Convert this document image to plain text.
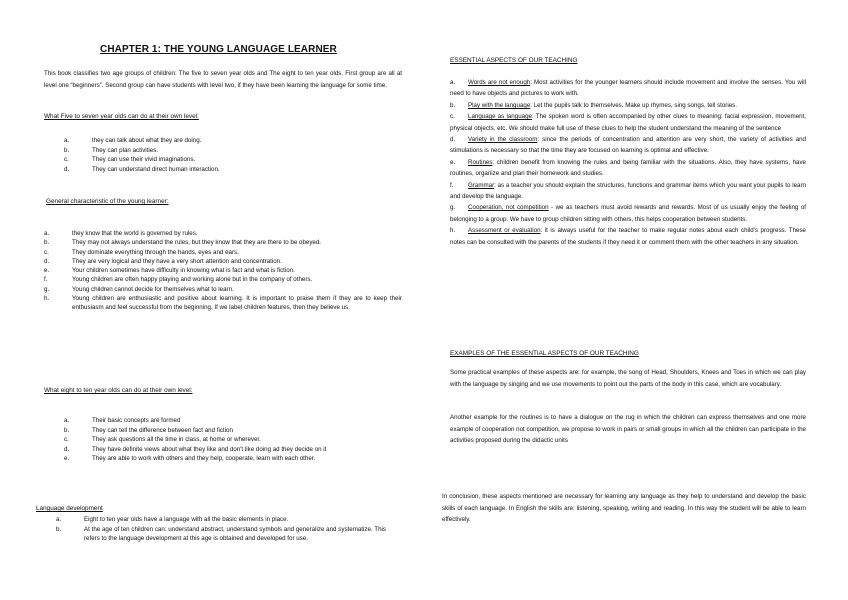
CHAPTER 1: THE YOUNG LANGUAGE LEARNER
This book classifies two age groups of children: The five to seven year olds and The eight to ten year olds. First group are all at level one “beginners”. Second group can have students with level two, if they have been learning the language for some time.
What Five to seven year olds can do at their own level:
a.	they can talk about what they are doing.
b.	They can plan activities.
c.	They can use their vivid imaginations.
d.	They can understand direct human interaction.
General characteristic of the young learner:
a.	they know that the world is governed by rules.
b.	They may not always understand the rules, but they know that they are there to be obeyed.
c.	They dominate everything through the hands, eyes and ears.
d.	They are very logical and they have a very short attention and concentration.
e.	Your children sometimes have difficulty in knowing what is fact and what is fiction.
f.	Young children are often happy playing and working alone but in the company of others.
g.	Young children cannot decide for themselves what to learn.
h.	Young children are enthusiastic and positive about learning. It is important to praise them if they are to keep their enthusiasm and feel successful from the beginning. If we label children features, then they believe us.
What eight to ten year olds can do at their own level:
a.	Their basic concepts are formed
b.	They can tell the difference between fact and fiction
c.	They ask questions all the time in class, at home or wherever.
d.	They have definite views about what they like and don't like doing ad they decide on it
e.	They are able to work with others and they help, cooperate, learn with each other.
Language development
a.	Eight to ten year olds have a language with all the basic elements in place.
b.	At the age of ten children can: understand abstract, understand symbols and generalize and systematize. This refers to the language development at this age is obtained and developed for use.
ESSENTIAL ASPECTS OF OUR TEACHING
a. Words are not enough: Most activities for the younger learners should include movement and involve the senses. You will need to have objects and pictures to work with.
b. Play with the language: Let the pupils talk to themselves. Make up rhymes, sing songs, tell stories.
c. Language as language: The spoken word is often accompanied by other clues to meaning: facial expression, movement, physical objects, etc. We should make full use of these clues to help the student understand the meaning of the sentence
d. Variety in the classroom: since the periods of concentration and attention are very short, the variety of activities and stimulations is necessary so that the time they are focused on learning is optimal and effective.
e. Routines: children benefit from knowing the rules and being familiar with the situations. Also, they have systems, have routines, organize and plan their homework and studies.
f. Grammar: as a teacher you should explain the structures, functions and grammar items which you want your pupils to learn and develop the language.
g. Cooperation, not competition - we as teachers must avoid rewards and rewards. Most of us usually enjoy the feeling of belonging to a group. We have to group children sitting with others, this helps cooperation between students.
h. Assessment or evaluation: it is always useful for the teacher to make regular notes about each child's progress. These notes can be consulted with the parents of the students if they need it or comment them with the other teachers in any situation.
EXAMPLES OF THE ESSENTIAL ASPECTS OF OUR TEACHING
Some practical examples of these aspects are: for example, the song of Head, Shoulders, Knees and Toes in which we can play with the language by singing and we use movements to point out the parts of the body in this case, which are vocabulary.
Another example for the routines is to have a dialogue on the rug in which the children can express themselves and one more example of cooperation not competition, we propose to work in pairs or small groups in which all the children can participate in the activities proposed during the didactic units
In conclusion, these aspects mentioned are necessary for learning any language as they help to understand and develop the basic skills of each language. In English the skills are: listening, speaking, writing and reading. In this way the student will be able to learn effectively.
